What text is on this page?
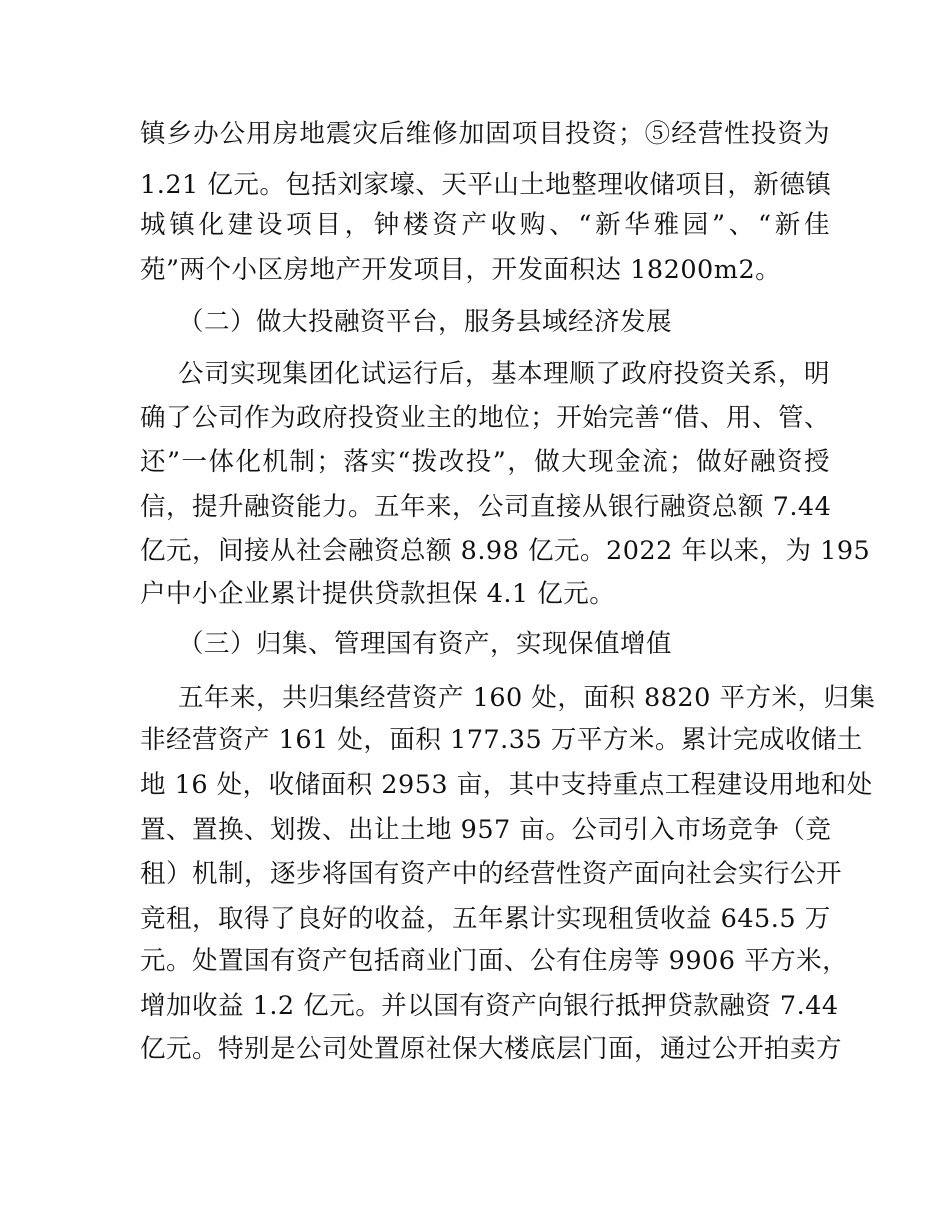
镇乡办公用房地震灾后维修加固项目投资；⑤经营性投资为
1.21 亿元。包括刘家壕、天平山土地整理收储项目，新德镇
城镇化建设项目，钟楼资产收购、“新华雅园”、“新佳
苑”两个小区房地产开发项目，开发面积达 18200m2。
（二）做大投融资平台，服务县域经济发展
公司实现集团化试运行后，基本理顺了政府投资关系，明
确了公司作为政府投资业主的地位；开始完善“借、用、管、
还”一体化机制；落实“拨改投”，做大现金流；做好融资授
信，提升融资能力。五年来，公司直接从银行融资总额 7.44
亿元，间接从社会融资总额 8.98 亿元。2022 年以来，为 195
户中小企业累计提供贷款担保 4.1 亿元。
（三）归集、管理国有资产，实现保值增值
五年来，共归集经营资产 160 处，面积 8820 平方米，归集
非经营资产 161 处，面积 177.35 万平方米。累计完成收储土
地 16 处，收储面积 2953 亩，其中支持重点工程建设用地和处
置、置换、划拨、出让土地 957 亩。公司引入市场竞争（竞
租）机制，逐步将国有资产中的经营性资产面向社会实行公开
竞租，取得了良好的收益，五年累计实现租赁收益 645.5 万
元。处置国有资产包括商业门面、公有住房等 9906 平方米，
增加收益 1.2 亿元。并以国有资产向银行抵押贷款融资 7.44
亿元。特别是公司处置原社保大楼底层门面，通过公开拍卖方
